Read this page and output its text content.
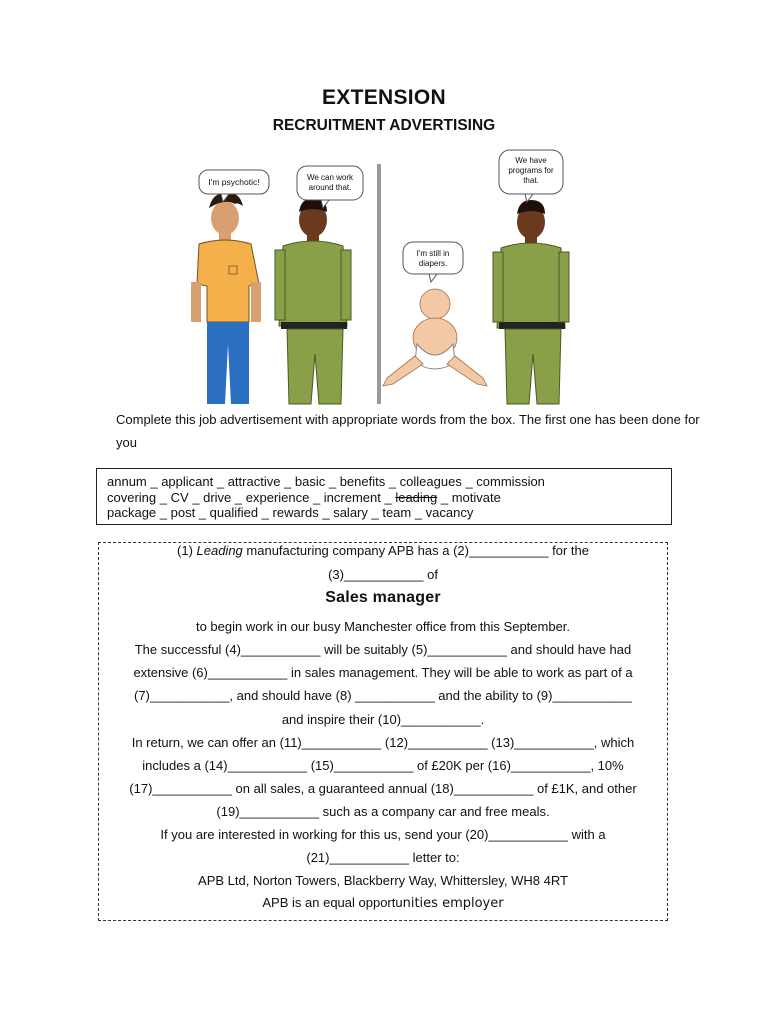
EXTENSION
RECRUITMENT ADVERTISING
I'm psychotic!	We can work
around that.
I'm still in
diapers.
We have
programs for
that.
Complete this job advertisement with appropriate words from the box. The first one has been done for you
annum _ applicant _ attractive _ basic _ benefits _ colleagues _ commission
covering _ CV _ drive _ experience _ increment _ leading _ motivate
package _ post _ qualified _ rewards _ salary _ team _ vacancy
(1) Leading manufacturing company APB has a (2)___________ for the
(3)___________ of
Sales manager
to begin work in our busy Manchester office from this September.
The successful (4)___________ will be suitably (5)___________ and should have had
extensive (6)___________ in sales management. They will be able to work as part of a
(7)___________, and should have (8) ___________ and the ability to (9)___________
and inspire their (10)___________.
In return, we can offer an (11)___________ (12)___________ (13)___________, which
includes a (14)___________ (15)___________ of £20K per (16)___________, 10%
(17)___________ on all sales, a guaranteed annual (18)___________ of £1K, and other
(19)___________ such as a company car and free meals.
If you are interested in working for this us, send your (20)___________ with a
(21)___________ letter to:
APB Ltd, Norton Towers, Blackberry Way, Whittersley, WH8 4RT
APB is an equal opportunities employer
